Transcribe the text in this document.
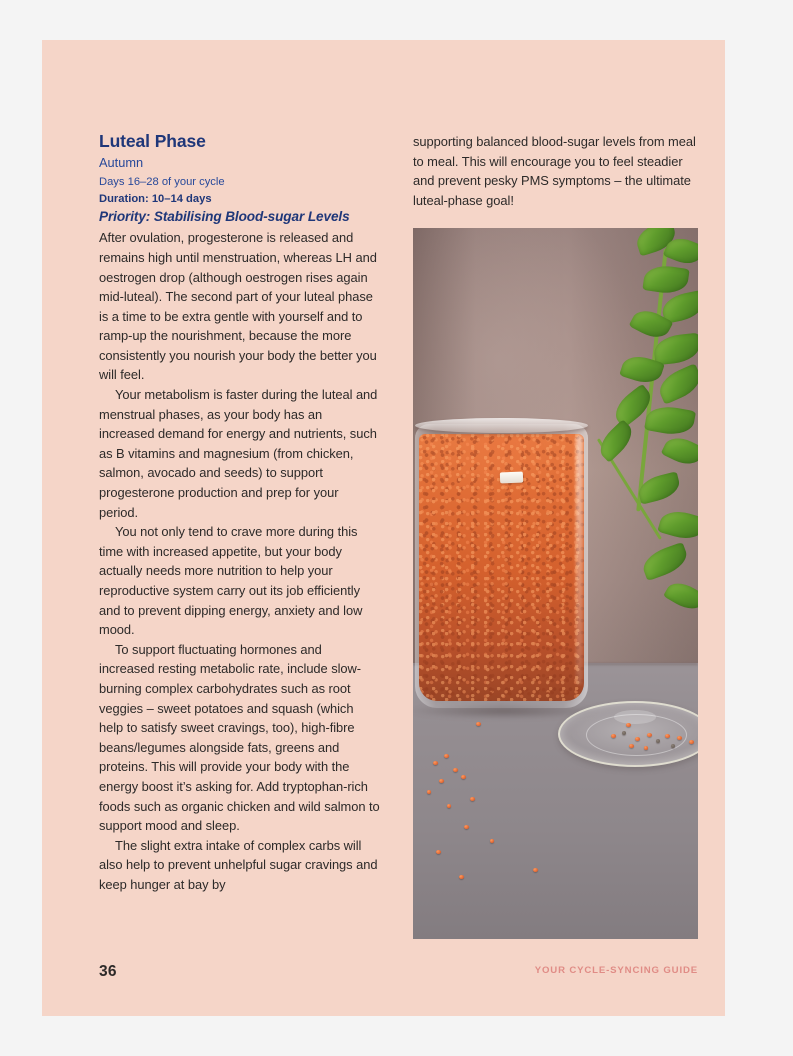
Luteal Phase
Autumn
Days 16–28 of your cycle
Duration: 10–14 days
Priority: Stabilising Blood-sugar Levels

After ovulation, progesterone is released and remains high until menstruation, whereas LH and oestrogen drop (although oestrogen rises again mid-luteal). The second part of your luteal phase is a time to be extra gentle with yourself and to ramp-up the nourishment, because the more consistently you nourish your body the better you will feel.

Your metabolism is faster during the luteal and menstrual phases, as your body has an increased demand for energy and nutrients, such as B vitamins and magnesium (from chicken, salmon, avocado and seeds) to support progesterone production and prep for your period.

You not only tend to crave more during this time with increased appetite, but your body actually needs more nutrition to help your reproductive system carry out its job efficiently and to prevent dipping energy, anxiety and low mood.

To support fluctuating hormones and increased resting metabolic rate, include slow-burning complex carbohydrates such as root veggies – sweet potatoes and squash (which help to satisfy sweet cravings, too), high-fibre beans/legumes alongside fats, greens and proteins. This will provide your body with the energy boost it’s asking for. Add tryptophan-rich foods such as organic chicken and wild salmon to support mood and sleep.

The slight extra intake of complex carbs will also help to prevent unhelpful sugar cravings and keep hunger at bay by

supporting balanced blood-sugar levels from meal to meal. This will encourage you to feel steadier and prevent pesky PMS symptoms – the ultimate luteal-phase goal!

36	YOUR CYCLE-SYNCING GUIDE
